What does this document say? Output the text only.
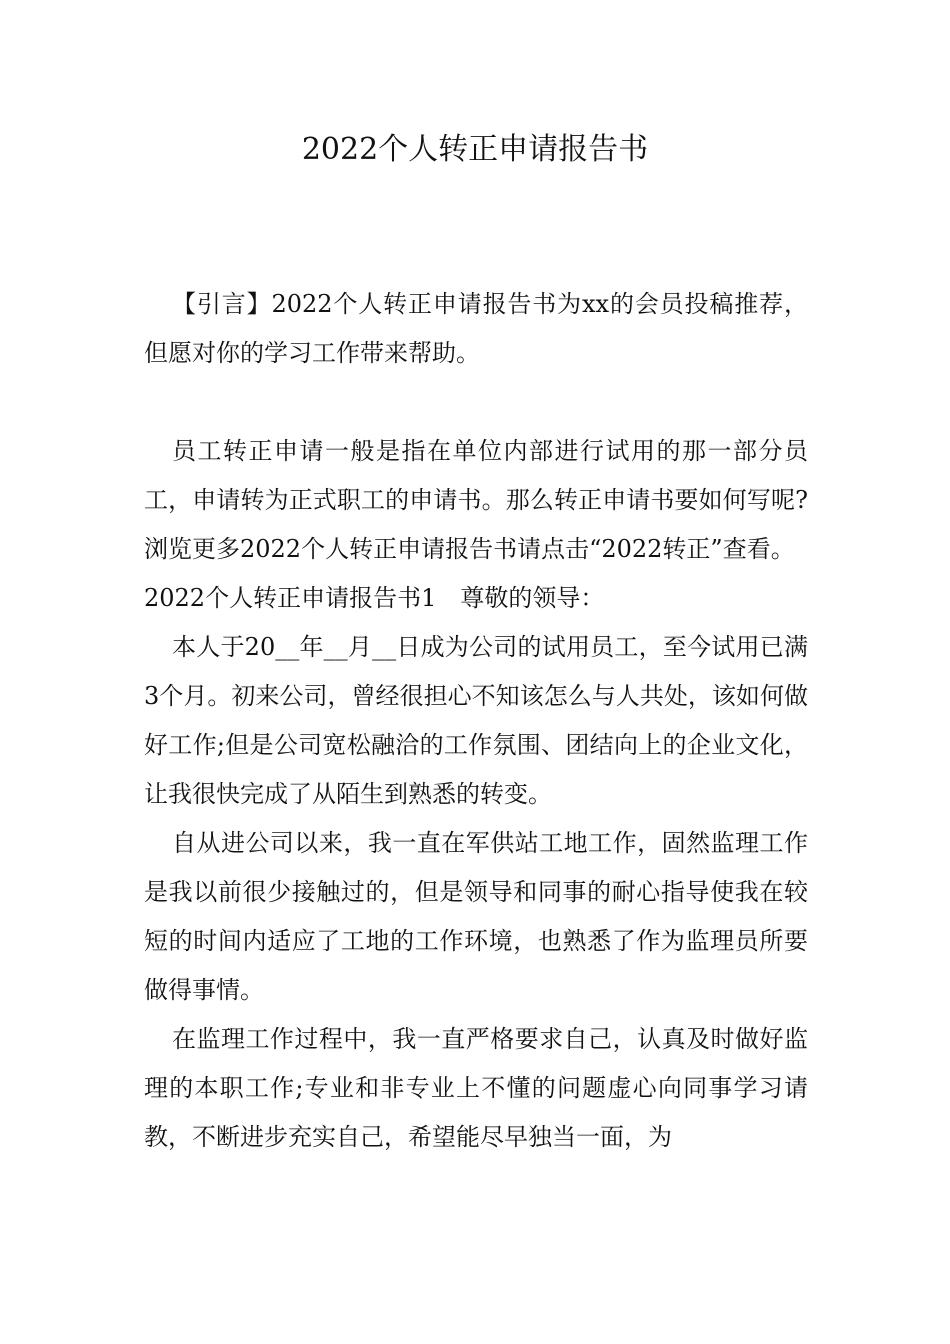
2022个人转正申请报告书

【引言】2022个人转正申请报告书为xx的会员投稿推荐，但愿对你的学习工作带来帮助。

员工转正申请一般是指在单位内部进行试用的那一部分员工，申请转为正式职工的申请书。那么转正申请书要如何写呢?浏览更多2022个人转正申请报告书请点击“2022转正”查看。

2022个人转正申请报告书1　尊敬的领导：

本人于20__年__月__日成为公司的试用员工，至今试用已满3个月。初来公司，曾经很担心不知该怎么与人共处，该如何做好工作;但是公司宽松融洽的工作氛围、团结向上的企业文化，让我很快完成了从陌生到熟悉的转变。

自从进公司以来，我一直在军供站工地工作，固然监理工作是我以前很少接触过的，但是领导和同事的耐心指导使我在较短的时间内适应了工地的工作环境，也熟悉了作为监理员所要做得事情。

在监理工作过程中，我一直严格要求自己，认真及时做好监理的本职工作;专业和非专业上不懂的问题虚心向同事学习请教，不断进步充实自己，希望能尽早独当一面，为
